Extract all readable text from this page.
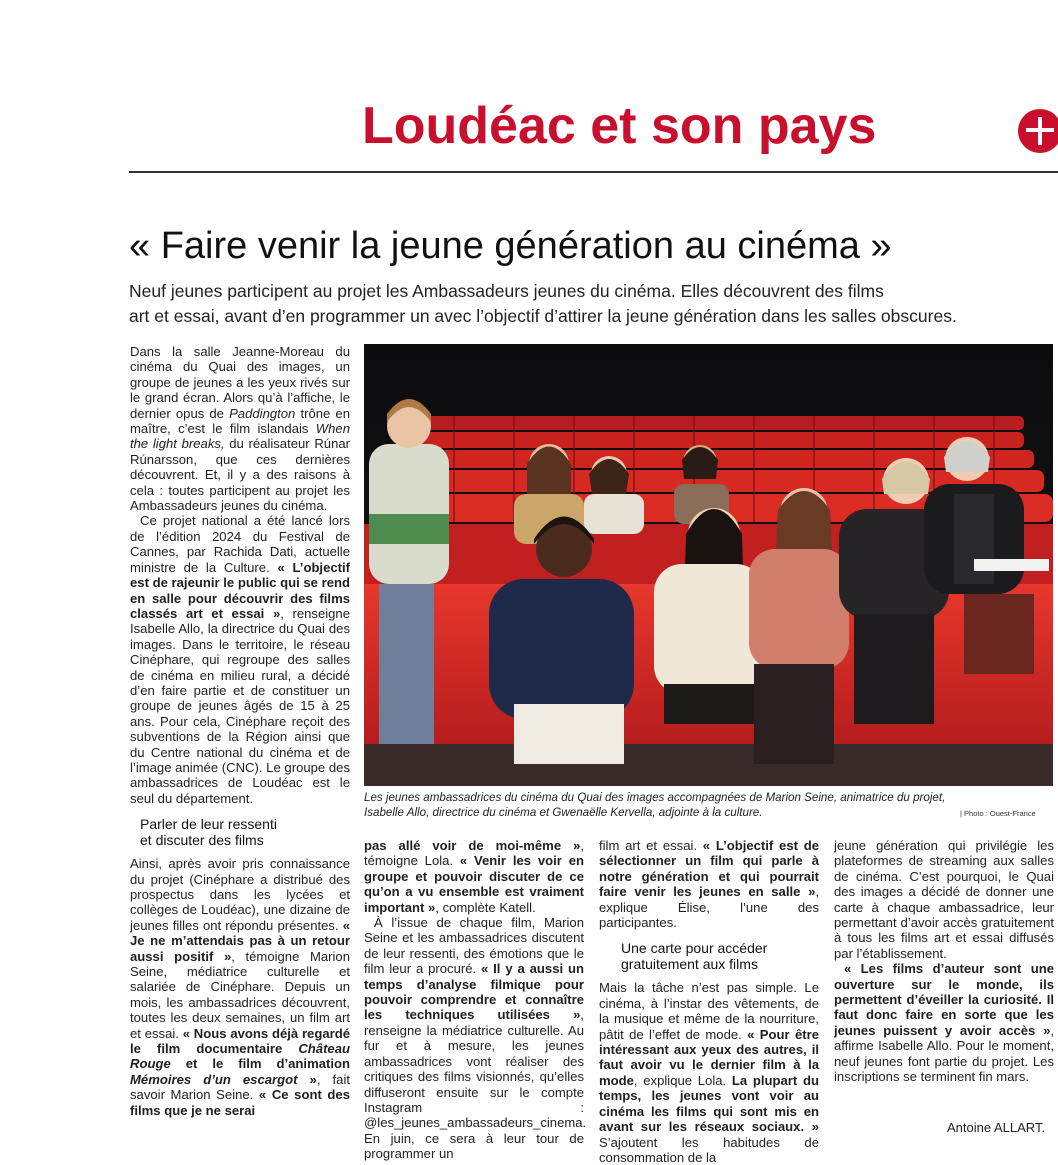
Loudéac et son pays
« Faire venir la jeune génération au cinéma »

Neuf jeunes participent au projet les Ambassadeurs jeunes du cinéma. Elles découvrent des films
art et essai, avant d’en programmer un avec l’objectif d’attirer la jeune génération dans les salles obscures.

Les jeunes ambassadrices du cinéma du Quai des images accompagnées de Marion Seine, animatrice du projet,
Isabelle Allo, directrice du cinéma et Gwenaëlle Kervella, adjointe à la culture.	| Photo : Ouest-France

Dans la salle Jeanne-Moreau du cinéma du Quai des images, un groupe de jeunes a les yeux rivés sur le grand écran. Alors qu’à l’affiche, le dernier opus de Paddington trône en maître, c’est le film islandais When the light breaks, du réalisateur Rúnar Rúnarsson, que ces dernières découvrent. Et, il y a des raisons à cela : toutes participent au projet les Ambassadeurs jeunes du cinéma.

Ce projet national a été lancé lors de l’édition 2024 du Festival de Cannes, par Rachida Dati, actuelle ministre de la Culture. « L’objectif est de rajeunir le public qui se rend en salle pour découvrir des films classés art et essai », renseigne Isabelle Allo, la directrice du Quai des images. Dans le territoire, le réseau Cinéphare, qui regroupe des salles de cinéma en milieu rural, a décidé d’en faire partie et de constituer un groupe de jeunes âgés de 15 à 25 ans. Pour cela, Cinéphare reçoit des subventions de la Région ainsi que du Centre national du cinéma et de l’image animée (CNC). Le groupe des ambassadrices de Loudéac est le seul du département.

Parler de leur ressenti
et discuter des films

Ainsi, après avoir pris connaissance du projet (Cinéphare a distribué des prospectus dans les lycées et collèges de Loudéac), une dizaine de jeunes filles ont répondu présentes. « Je ne m’attendais pas à un retour aussi positif », témoigne Marion Seine, médiatrice culturelle et salariée de Cinéphare. Depuis un mois, les ambassadrices découvrent, toutes les deux semaines, un film art et essai. « Nous avons déjà regardé le film documentaire Château Rouge et le film d’animation Mémoires d’un escargot », fait savoir Marion Seine. « Ce sont des films que je ne serai

pas allé voir de moi-même », témoigne Lola. « Venir les voir en groupe et pouvoir discuter de ce qu’on a vu ensemble est vraiment important », complète Katell.

À l’issue de chaque film, Marion Seine et les ambassadrices discutent de leur ressenti, des émotions que le film leur a procuré. « Il y a aussi un temps d’analyse filmique pour pouvoir comprendre et connaître les techniques utilisées », renseigne la médiatrice culturelle. Au fur et à mesure, les jeunes ambassadrices vont réaliser des critiques des films visionnés, qu’elles diffuseront ensuite sur le compte Instagram : @les_jeunes_ambassadeurs_cinema. En juin, ce sera à leur tour de programmer un

film art et essai. « L’objectif est de sélectionner un film qui parle à notre génération et qui pourrait faire venir les jeunes en salle », explique Élise, l’une des participantes.

Une carte pour accéder
gratuitement aux films

Mais la tâche n’est pas simple. Le cinéma, à l’instar des vêtements, de la musique et même de la nourriture, pâtit de l’effet de mode. « Pour être intéressant aux yeux des autres, il faut avoir vu le dernier film à la mode, explique Lola. La plupart du temps, les jeunes vont voir au cinéma les films qui sont mis en avant sur les réseaux sociaux. » S’ajoutent les habitudes de consommation de la

jeune génération qui privilégie les plateformes de streaming aux salles de cinéma. C’est pourquoi, le Quai des images a décidé de donner une carte à chaque ambassadrice, leur permettant d’avoir accès gratuitement à tous les films art et essai diffusés par l’établissement.

« Les films d’auteur sont une ouverture sur le monde, ils permettent d’éveiller la curiosité. Il faut donc faire en sorte que les jeunes puissent y avoir accès », affirme Isabelle Allo. Pour le moment, neuf jeunes font partie du projet. Les inscriptions se terminent fin mars.

Antoine ALLART.
